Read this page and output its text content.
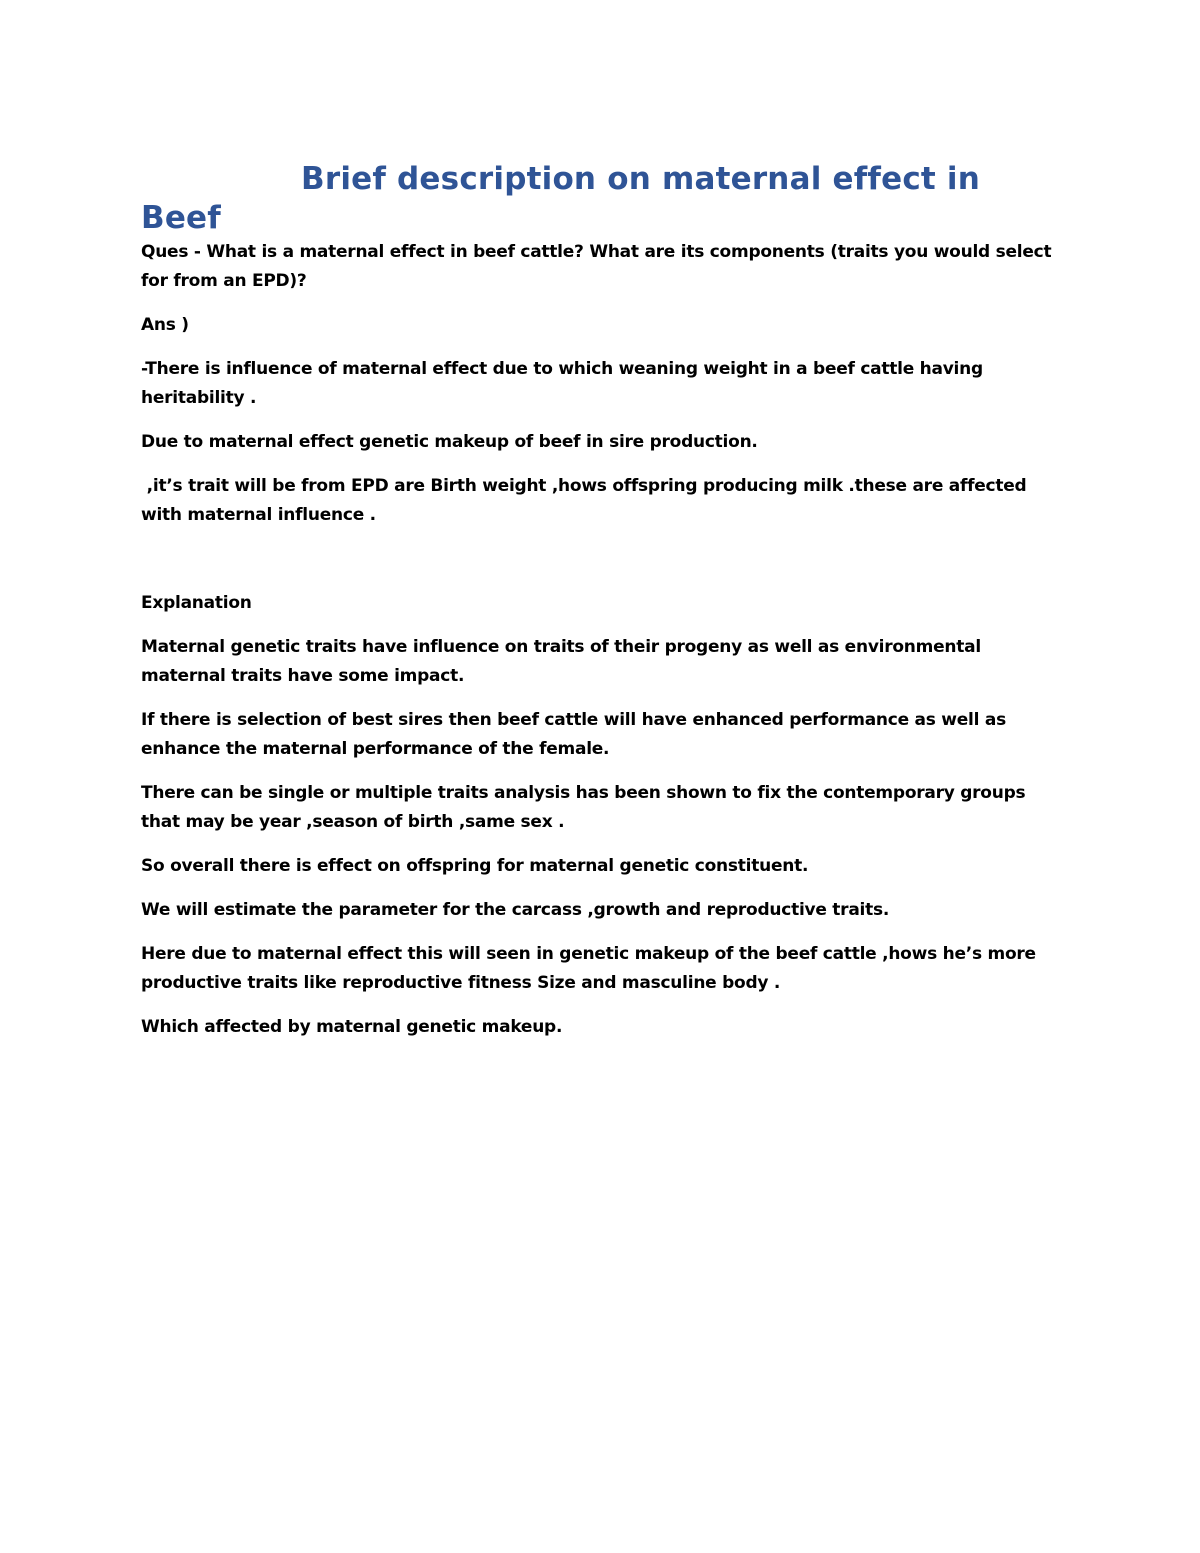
Brief description on maternal effect in Beef

Ques - What is a maternal effect in beef cattle? What are its components (traits you would select for from an EPD)?

Ans )

-There is influence of maternal effect due to which weaning weight in a beef cattle having heritability .

Due to maternal effect genetic makeup of beef in sire production.

,it’s trait will be from EPD are Birth weight ,hows offspring producing milk .these are affected with maternal influence .

Explanation

Maternal genetic traits have influence on traits of their progeny as well as environmental maternal traits have some impact.

If there is selection of best sires then beef cattle will have enhanced performance as well as enhance the maternal performance of the female.

There can be single or multiple traits analysis has been shown to fix the contemporary groups that may be year ,season of birth ,same sex .

So overall there is effect on offspring for maternal genetic constituent.

We will estimate the parameter for the carcass ,growth and reproductive traits.

Here due to maternal effect this will seen in genetic makeup of the beef cattle ,hows he’s more productive traits like reproductive fitness Size and masculine body .

Which affected by maternal genetic makeup.
